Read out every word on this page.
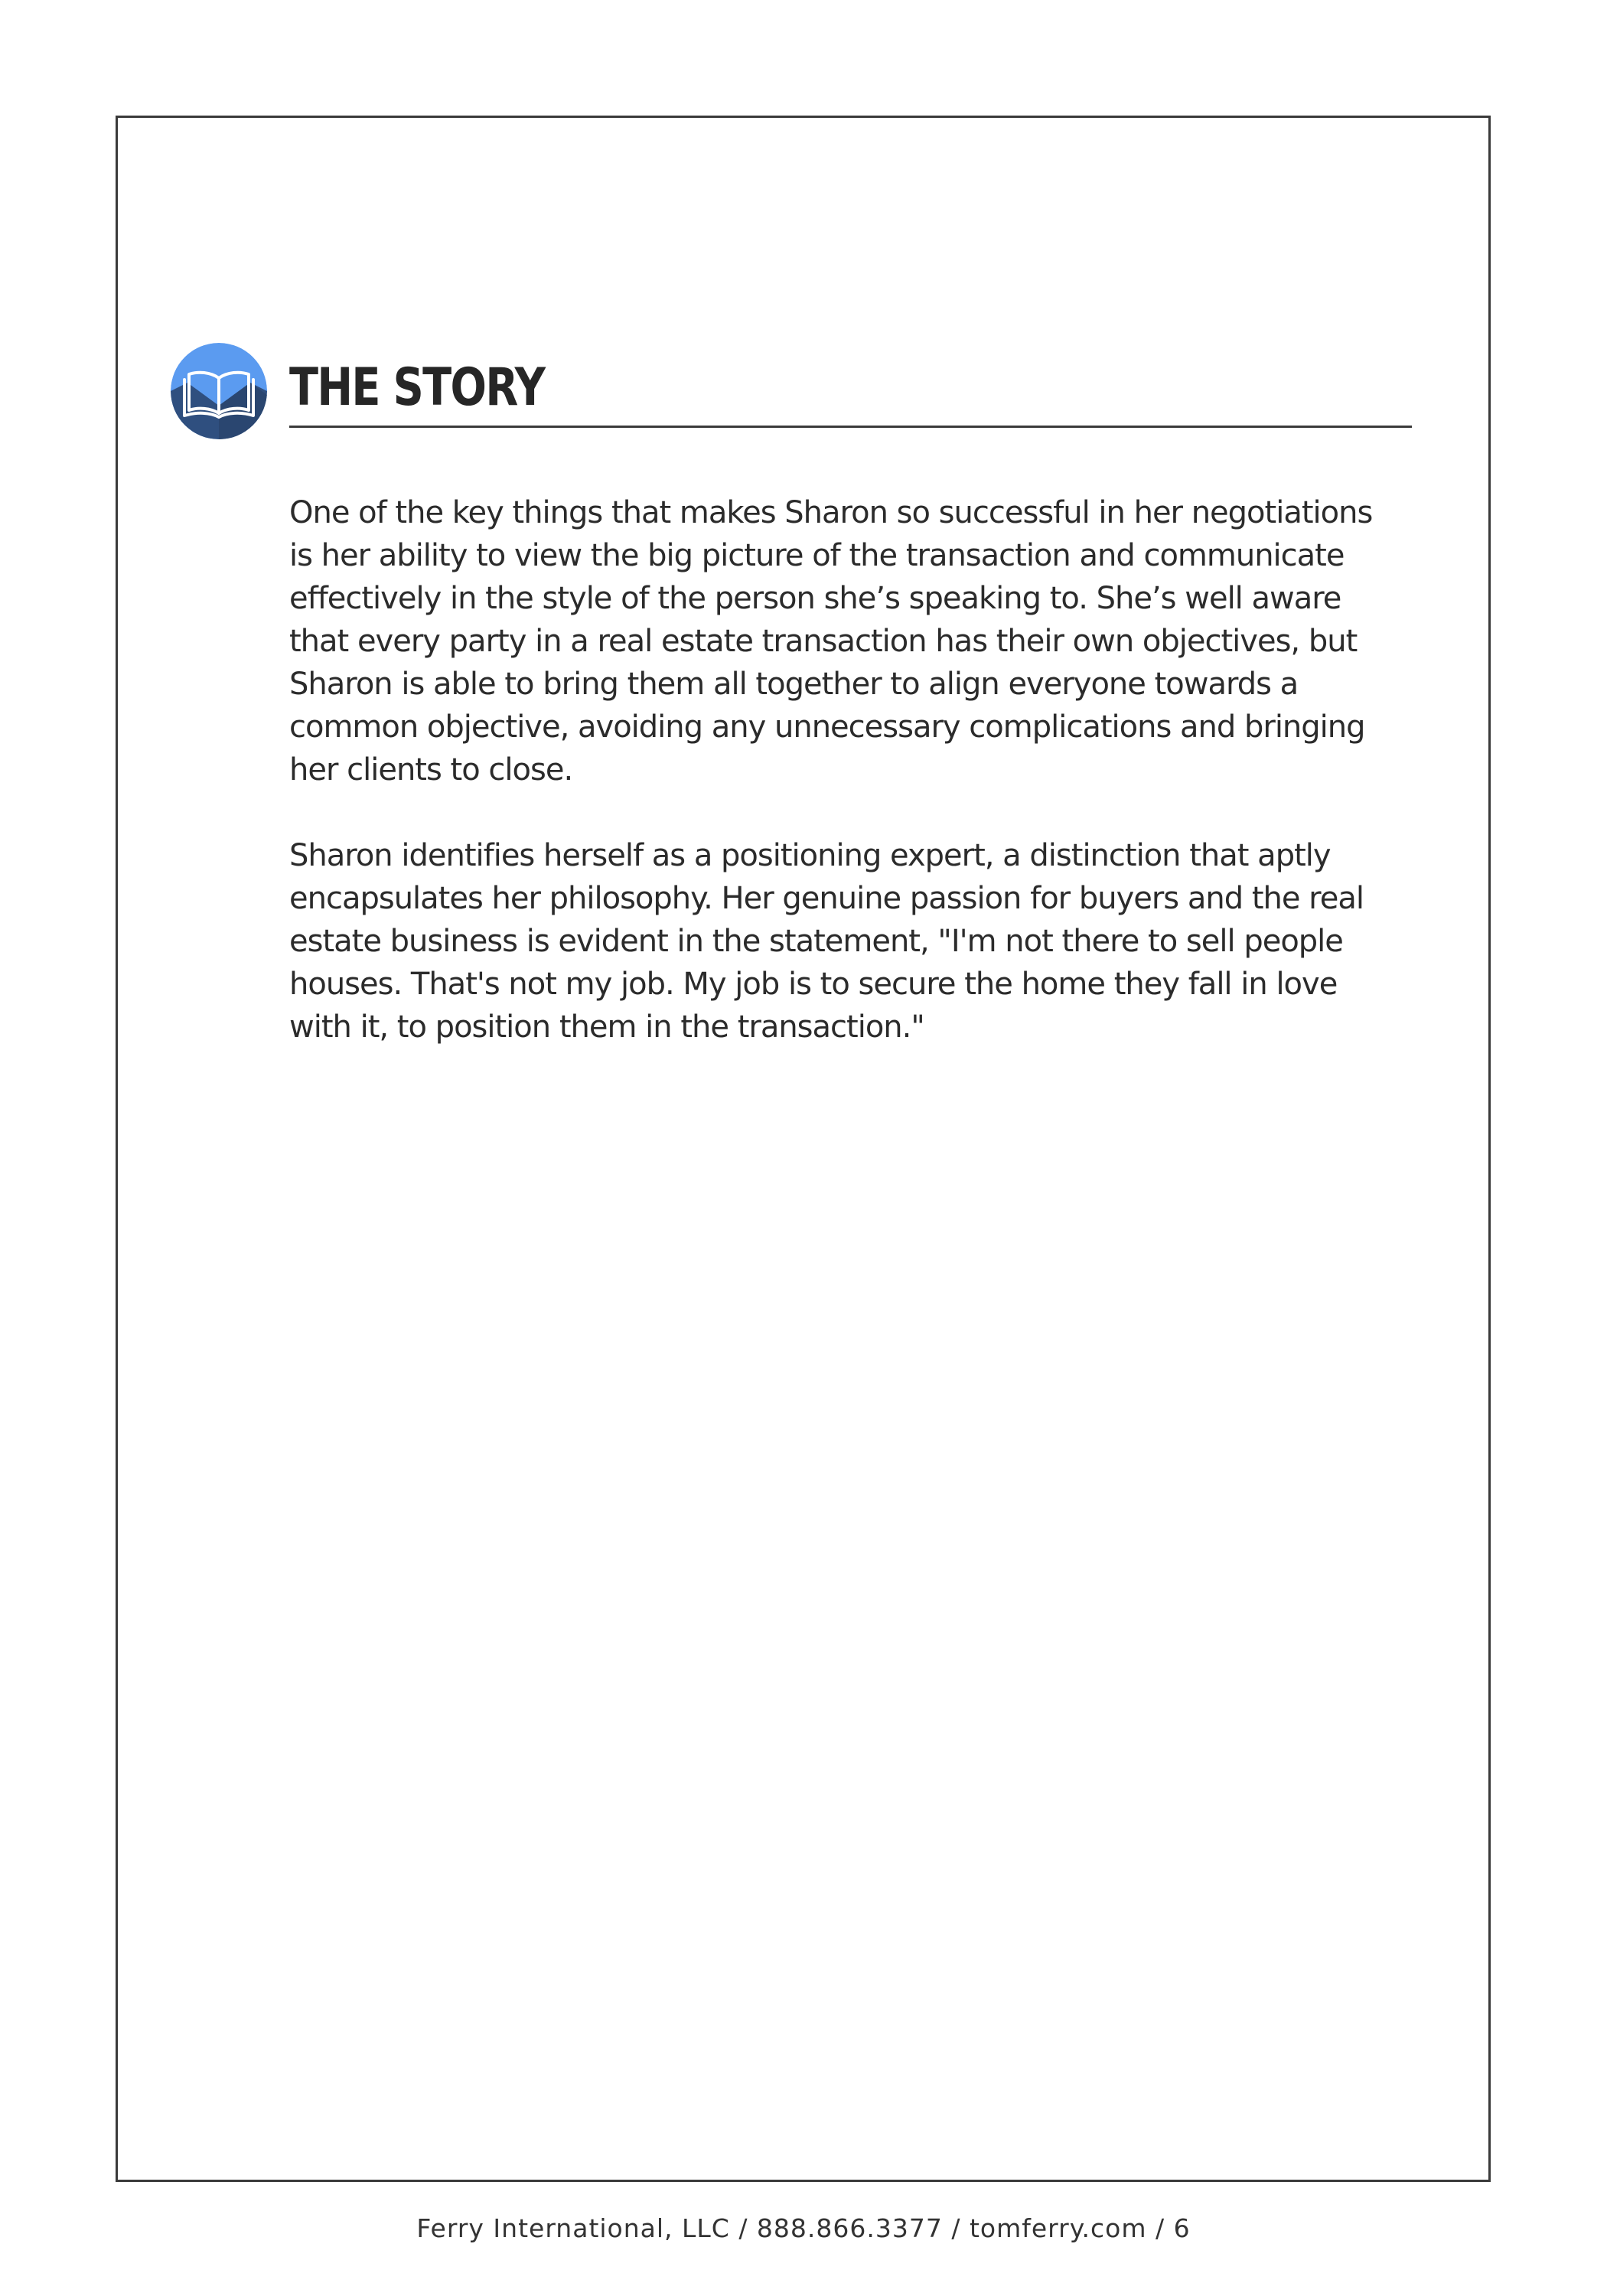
THE STORY

One of the key things that makes Sharon so successful in her negotiations
is her ability to view the big picture of the transaction and communicate
effectively in the style of the person she’s speaking to. She’s well aware
that every party in a real estate transaction has their own objectives, but
Sharon is able to bring them all together to align everyone towards a
common objective, avoiding any unnecessary complications and bringing
her clients to close.

Sharon identifies herself as a positioning expert, a distinction that aptly
encapsulates her philosophy. Her genuine passion for buyers and the real
estate business is evident in the statement, "I'm not there to sell people
houses. That's not my job. My job is to secure the home they fall in love
with it, to position them in the transaction."

Ferry International, LLC / 888.866.3377 / tomferry.com / 6
